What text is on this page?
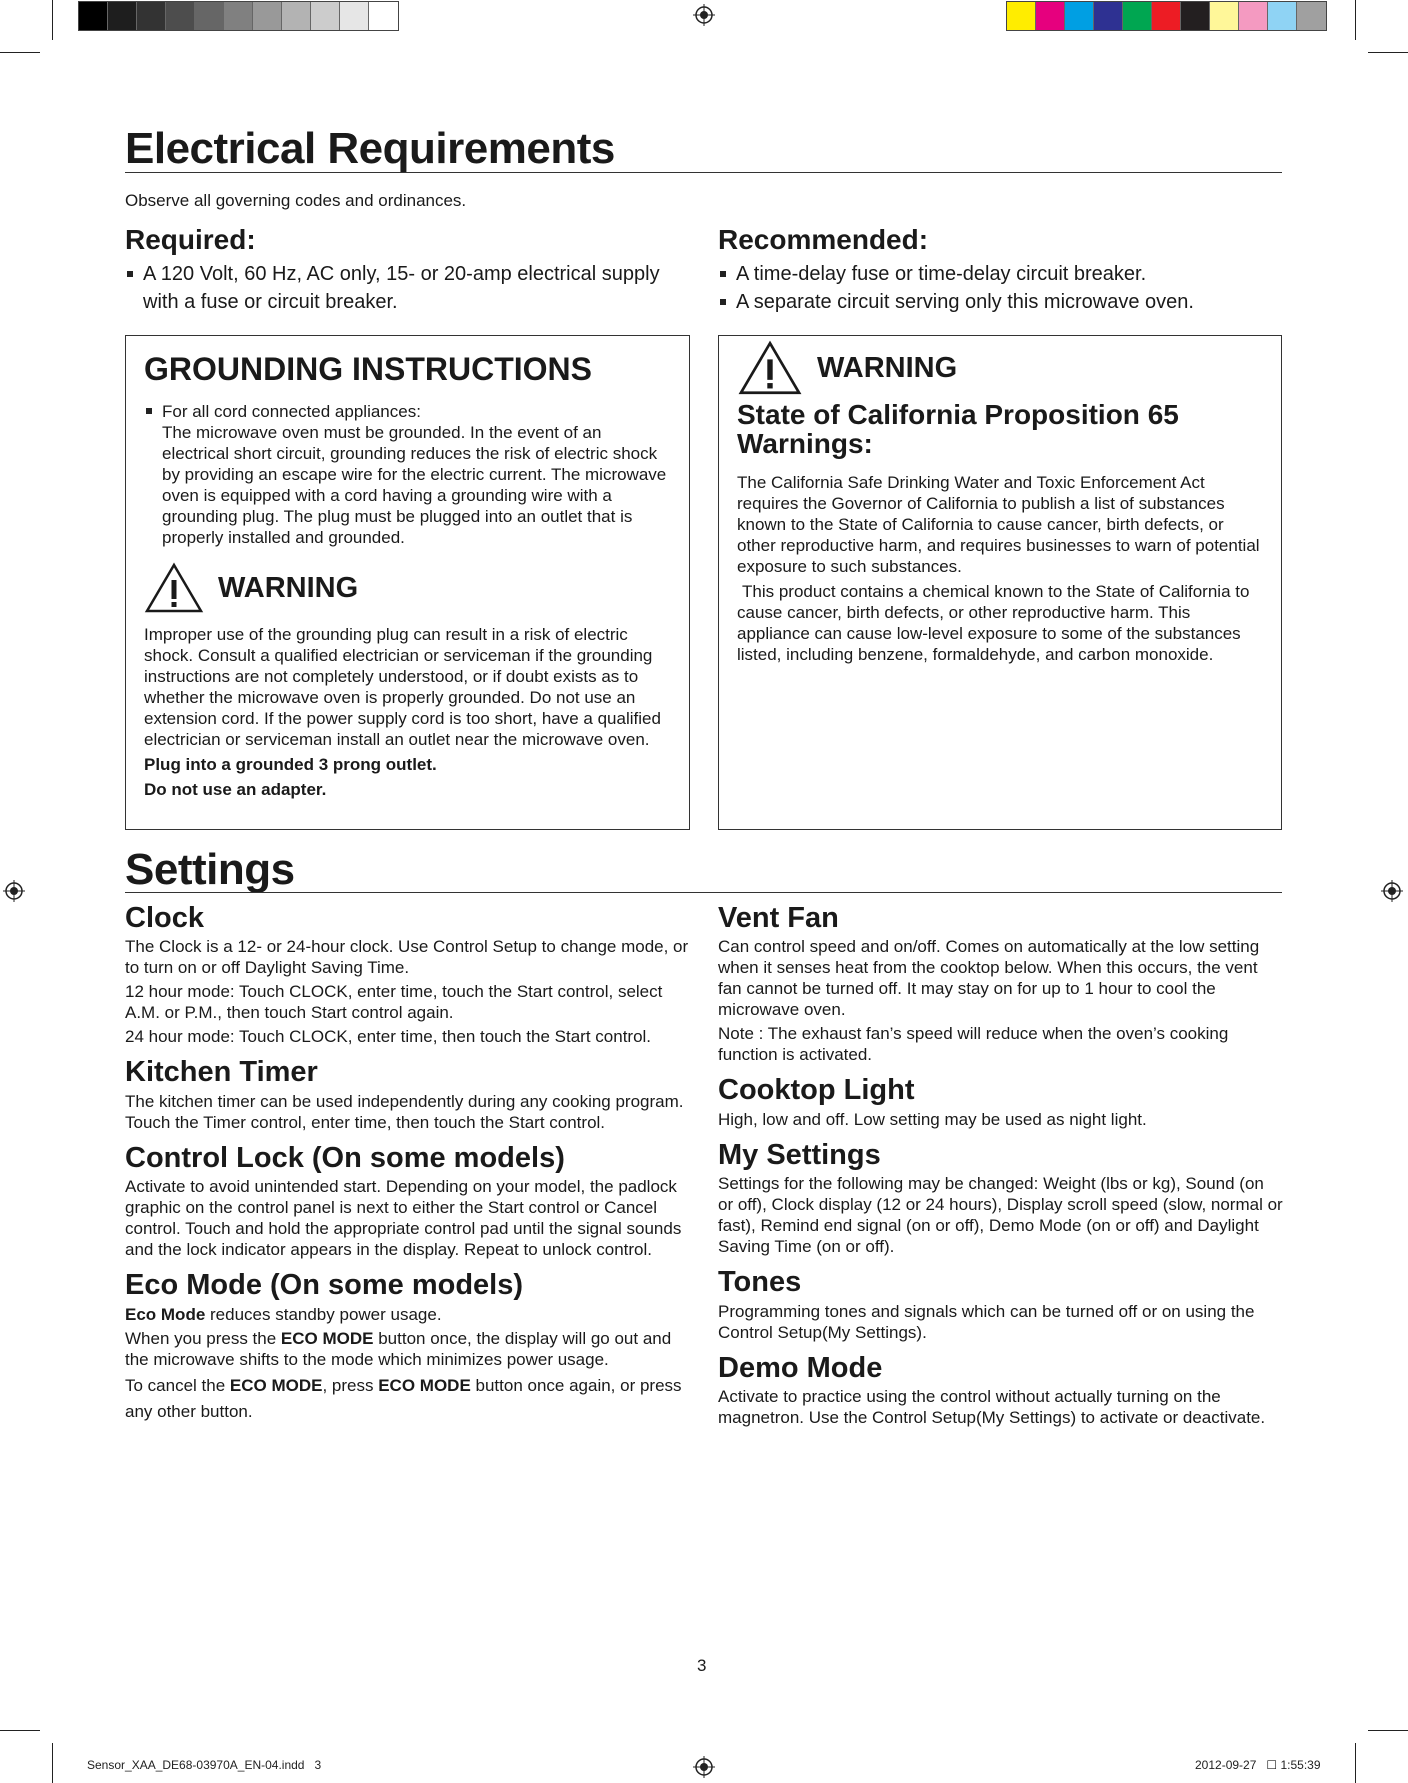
Electrical Requirements
Observe all governing codes and ordinances.
Required:
A 120 Volt, 60 Hz, AC only, 15- or 20-amp electrical supply with a fuse or circuit breaker.
Recommended:
A time-delay fuse or time-delay circuit breaker.
A separate circuit serving only this microwave oven.
GROUNDING INSTRUCTIONS
For all cord connected appliances:
The microwave oven must be grounded. In the event of an electrical short circuit, grounding reduces the risk of electric shock by providing an escape wire for the electric current. The microwave oven is equipped with a cord having a grounding wire with a grounding plug. The plug must be plugged into an outlet that is properly installed and grounded.
WARNING

Improper use of the grounding plug can result in a risk of electric shock. Consult a qualified electrician or serviceman if the grounding instructions are not completely understood, or if doubt exists as to whether the microwave oven is properly grounded. Do not use an extension cord. If the power supply cord is too short, have a qualified electrician or serviceman install an outlet near the microwave oven.

Plug into a grounded 3 prong outlet.

Do not use an adapter.

WARNING
State of California Proposition 65 Warnings:

The California Safe Drinking Water and Toxic Enforcement Act requires the Governor of California to publish a list of substances known to the State of California to cause cancer, birth defects, or other reproductive harm, and requires businesses to warn of potential exposure to such substances.

This product contains a chemical known to the State of California to cause cancer, birth defects, or other reproductive harm. This appliance can cause low-level exposure to some of the substances listed, including benzene, formaldehyde, and carbon monoxide.

Settings
Clock

The Clock is a 12- or 24-hour clock. Use Control Setup to change mode, or to turn on or off Daylight Saving Time.

12 hour mode: Touch CLOCK, enter time, touch the Start control, select A.M. or P.M., then touch Start control again.

24 hour mode: Touch CLOCK, enter time, then touch the Start control.

Kitchen Timer

The kitchen timer can be used independently during any cooking program. Touch the Timer control, enter time, then touch the Start control.

Control Lock (On some models)

Activate to avoid unintended start. Depending on your model, the padlock graphic on the control panel is next to either the Start control or Cancel control. Touch and hold the appropriate control pad until the signal sounds and the lock indicator appears in the display. Repeat to unlock control.

Eco Mode (On some models)

Eco Mode reduces standby power usage.

When you press the ECO MODE button once, the display will go out and the microwave shifts to the mode which minimizes power usage.

To cancel the ECO MODE, press ECO MODE button once again, or press any other button.

Vent Fan

Can control speed and on/off. Comes on automatically at the low setting when it senses heat from the cooktop below. When this occurs, the vent fan cannot be turned off. It may stay on for up to 1 hour to cool the microwave oven.

Note : The exhaust fan’s speed will reduce when the oven’s cooking function is activated.

Cooktop Light

High, low and off. Low setting may be used as night light.

My Settings

Settings for the following may be changed: Weight (lbs or kg), Sound (on or off), Clock display (12 or 24 hours), Display scroll speed (slow, normal or fast), Remind end signal (on or off), Demo Mode (on or off) and Daylight Saving Time (on or off).

Tones

Programming tones and signals which can be turned off or on using the Control Setup(My Settings).

Demo Mode

Activate to practice using the control without actually turning on the magnetron. Use the Control Setup(My Settings) to activate or deactivate.

3
Sensor_XAA_DE68-03970A_EN-04.indd   3	2012-09-27   ☐ 1:55:39
